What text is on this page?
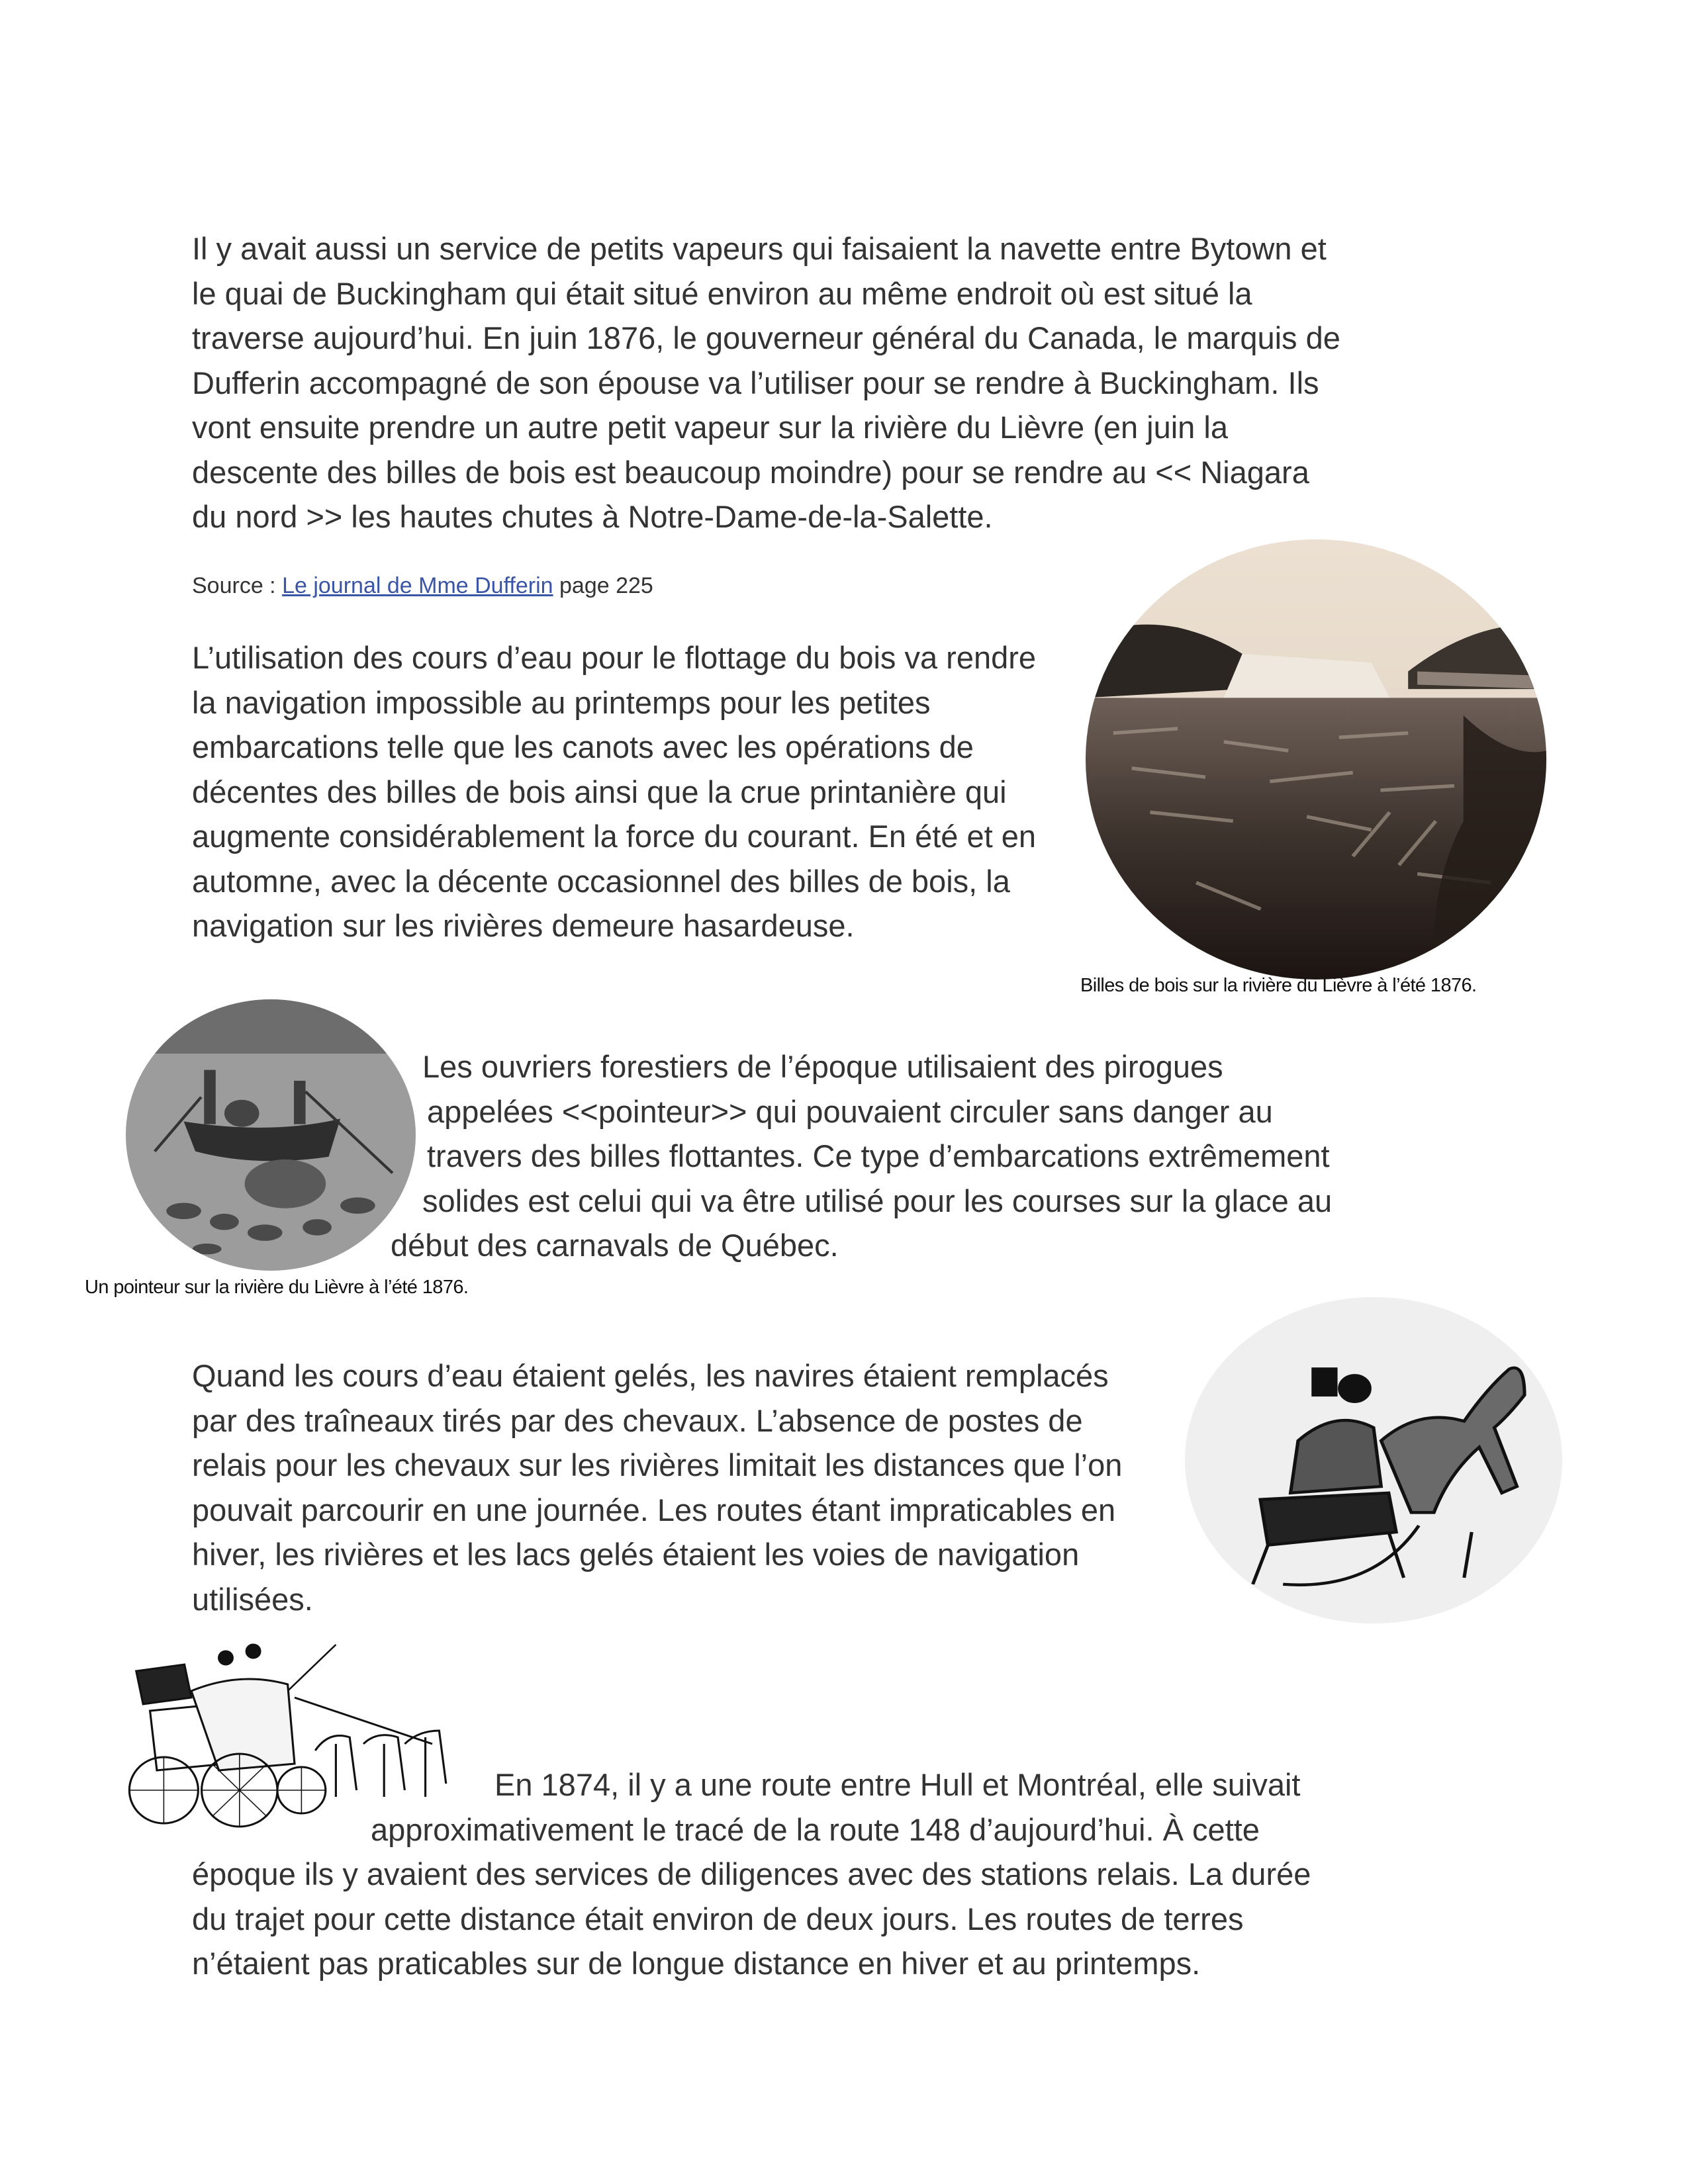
Il y avait aussi un service de petits vapeurs qui faisaient la navette entre Bytown et
le quai de Buckingham qui était situé environ au même endroit où est situé la
traverse aujourd’hui. En juin 1876, le gouverneur général du Canada, le marquis de
Dufferin accompagné de son épouse va l’utiliser pour se rendre à Buckingham. Ils
vont ensuite prendre un autre petit vapeur sur la rivière du Lièvre (en juin la
descente des billes de bois est beaucoup moindre) pour se rendre au << Niagara
du nord >> les hautes chutes à Notre-Dame-de-la-Salette.
Source : Le journal de Mme Dufferin page 225
L’utilisation des cours d’eau pour le flottage du bois va rendre
la navigation impossible au printemps pour les petites
embarcations telle que les canots avec les opérations de
décentes des billes de bois ainsi que la crue printanière qui
augmente considérablement la force du courant. En été et en
automne, avec la décente occasionnel des billes de bois, la
navigation sur les rivières demeure hasardeuse.
Billes de bois sur la rivière du Lièvre à l’été 1876.
Un pointeur sur la rivière du Lièvre à l’été 1876.
Les ouvriers forestiers de l’époque utilisaient des pirogues
appelées <<pointeur>> qui pouvaient circuler sans danger au
travers des billes flottantes. Ce type d’embarcations extrêmement
solides est celui qui va être utilisé pour les courses sur la glace au
début des carnavals de Québec.
Quand les cours d’eau étaient gelés, les navires étaient remplacés
par des traîneaux tirés par des chevaux. L’absence de postes de
relais pour les chevaux sur les rivières limitait les distances que l’on
pouvait parcourir en une journée. Les routes étant impraticables en
hiver, les rivières et les lacs gelés étaient les voies de navigation
utilisées.
En 1874, il y a une route entre Hull et Montréal, elle suivait
approximativement le tracé de la route 148 d’aujourd’hui. À cette
époque ils y avaient des services de diligences avec des stations relais. La durée
du trajet pour cette distance était environ de deux jours. Les routes de terres
n’étaient pas praticables sur de longue distance en hiver et au printemps.
